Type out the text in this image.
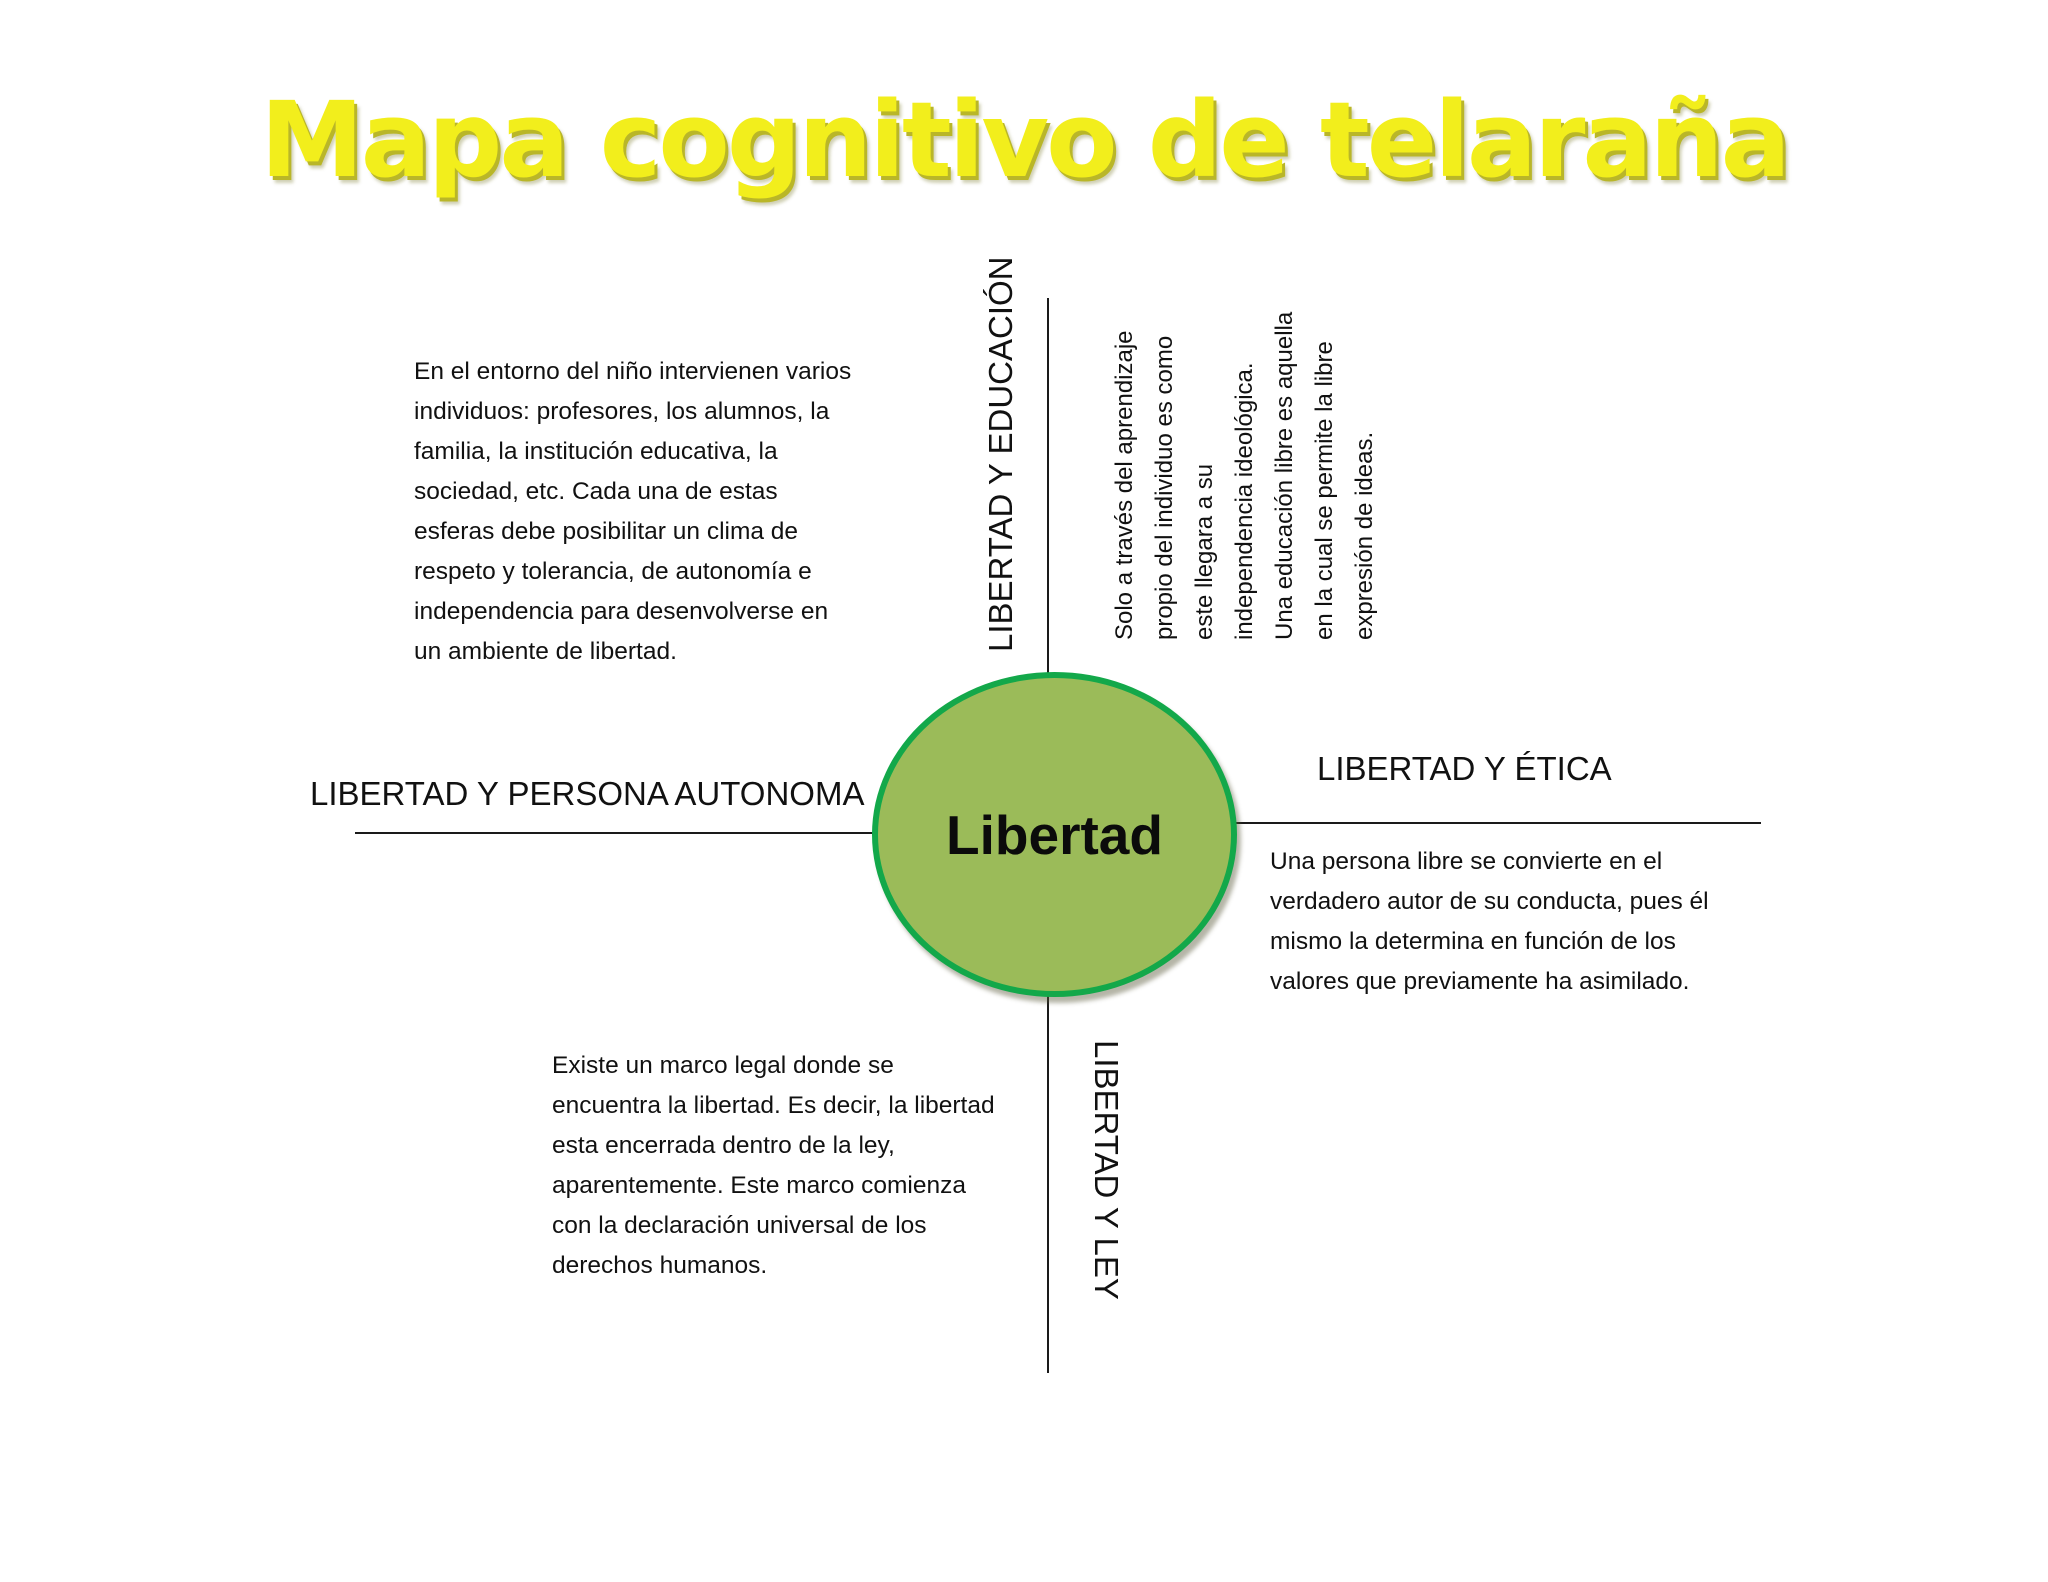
Mapa cognitivo de telaraña
Libertad
LIBERTAD Y EDUCACIÓN	Solo a través del aprendizaje propio del individuo es como este llegara a su independencia ideológica.
Una educación libre es aquella en la cual se permite la libre expresión de ideas.
LIBERTAD Y PERSONA AUTONOMA
En el entorno del niño intervienen varios individuos: profesores, los alumnos, la familia, la institución educativa, la sociedad, etc. Cada una de estas esferas debe posibilitar un clima de respeto y tolerancia, de autonomía e independencia para desenvolverse en un ambiente de libertad.
LIBERTAD Y ÉTICA
Una persona libre se convierte en el verdadero autor de su conducta, pues él mismo la determina en función de los valores que previamente ha asimilado.
LIBERTAD Y LEY
Existe un marco legal donde se encuentra la libertad. Es decir, la libertad esta encerrada dentro de la ley, aparentemente. Este marco comienza con la declaración universal de los derechos humanos.
